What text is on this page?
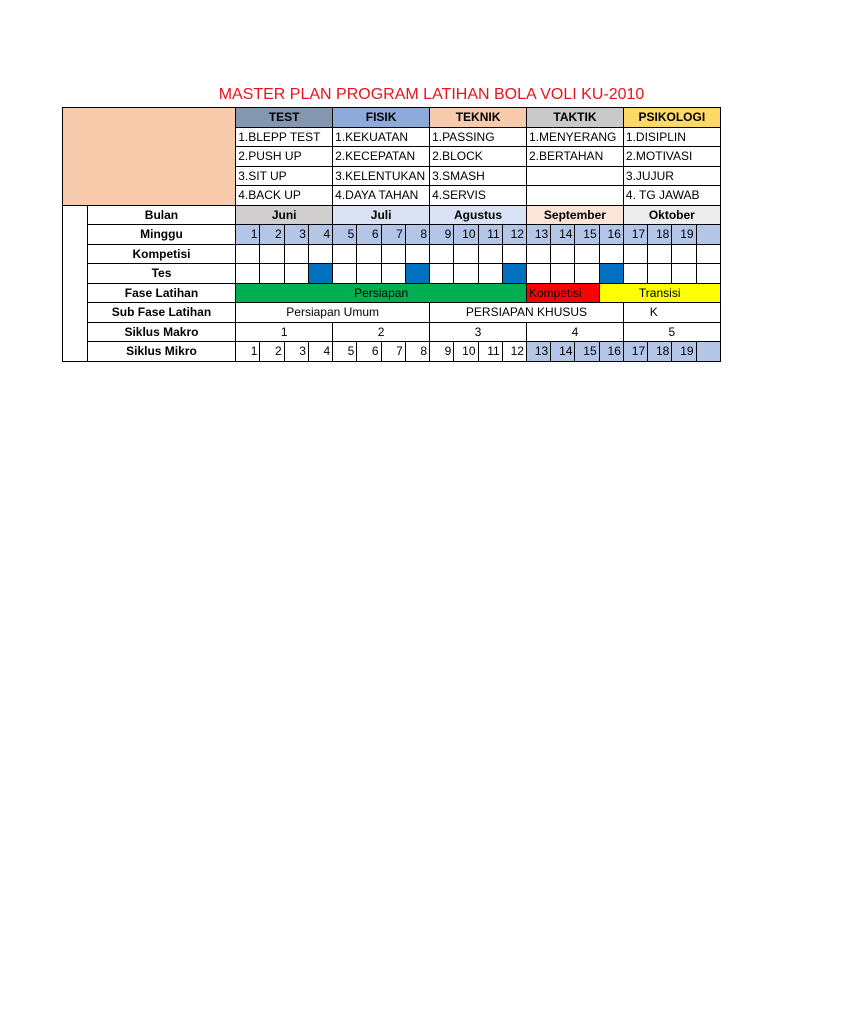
MASTER PLAN PROGRAM LATIHAN BOLA VOLI KU-2010
		TEST				FISIK				TEKNIK				TAKTIK				PSIKOLOGI			
		1.BLEPP TEST				1.KEKUATAN				1.PASSING				1.MENYERANG				1.DISIPLIN			
		2.PUSH UP				2.KECEPATAN				2.BLOCK				2.BERTAHAN				2.MOTIVASI			
		3.SIT UP				3.KELENTUKAN				3.SMASH								3.JUJUR			
		4.BACK UP				4.DAYA TAHAN				4.SERVIS								4. TG JAWAB			
	Bulan	Juni				Juli				Agustus				September				Oktober			
	Minggu	1	2	3	4	5	6	7	8	9	10	11	12	13	14	15	16	17	18	19	
	Kompetisi																				
	Tes																				
	Fase Latihan	Persiapan												Kompetisi			Transisi				
	Sub Fase Latihan	Persiapan Umum								PERSIAPAN KHUSUS								K			
	Siklus Makro	1				2				3				4				5			
	Siklus Mikro	1	2	3	4	5	6	7	8	9	10	11	12	13	14	15	16	17	18	19	
